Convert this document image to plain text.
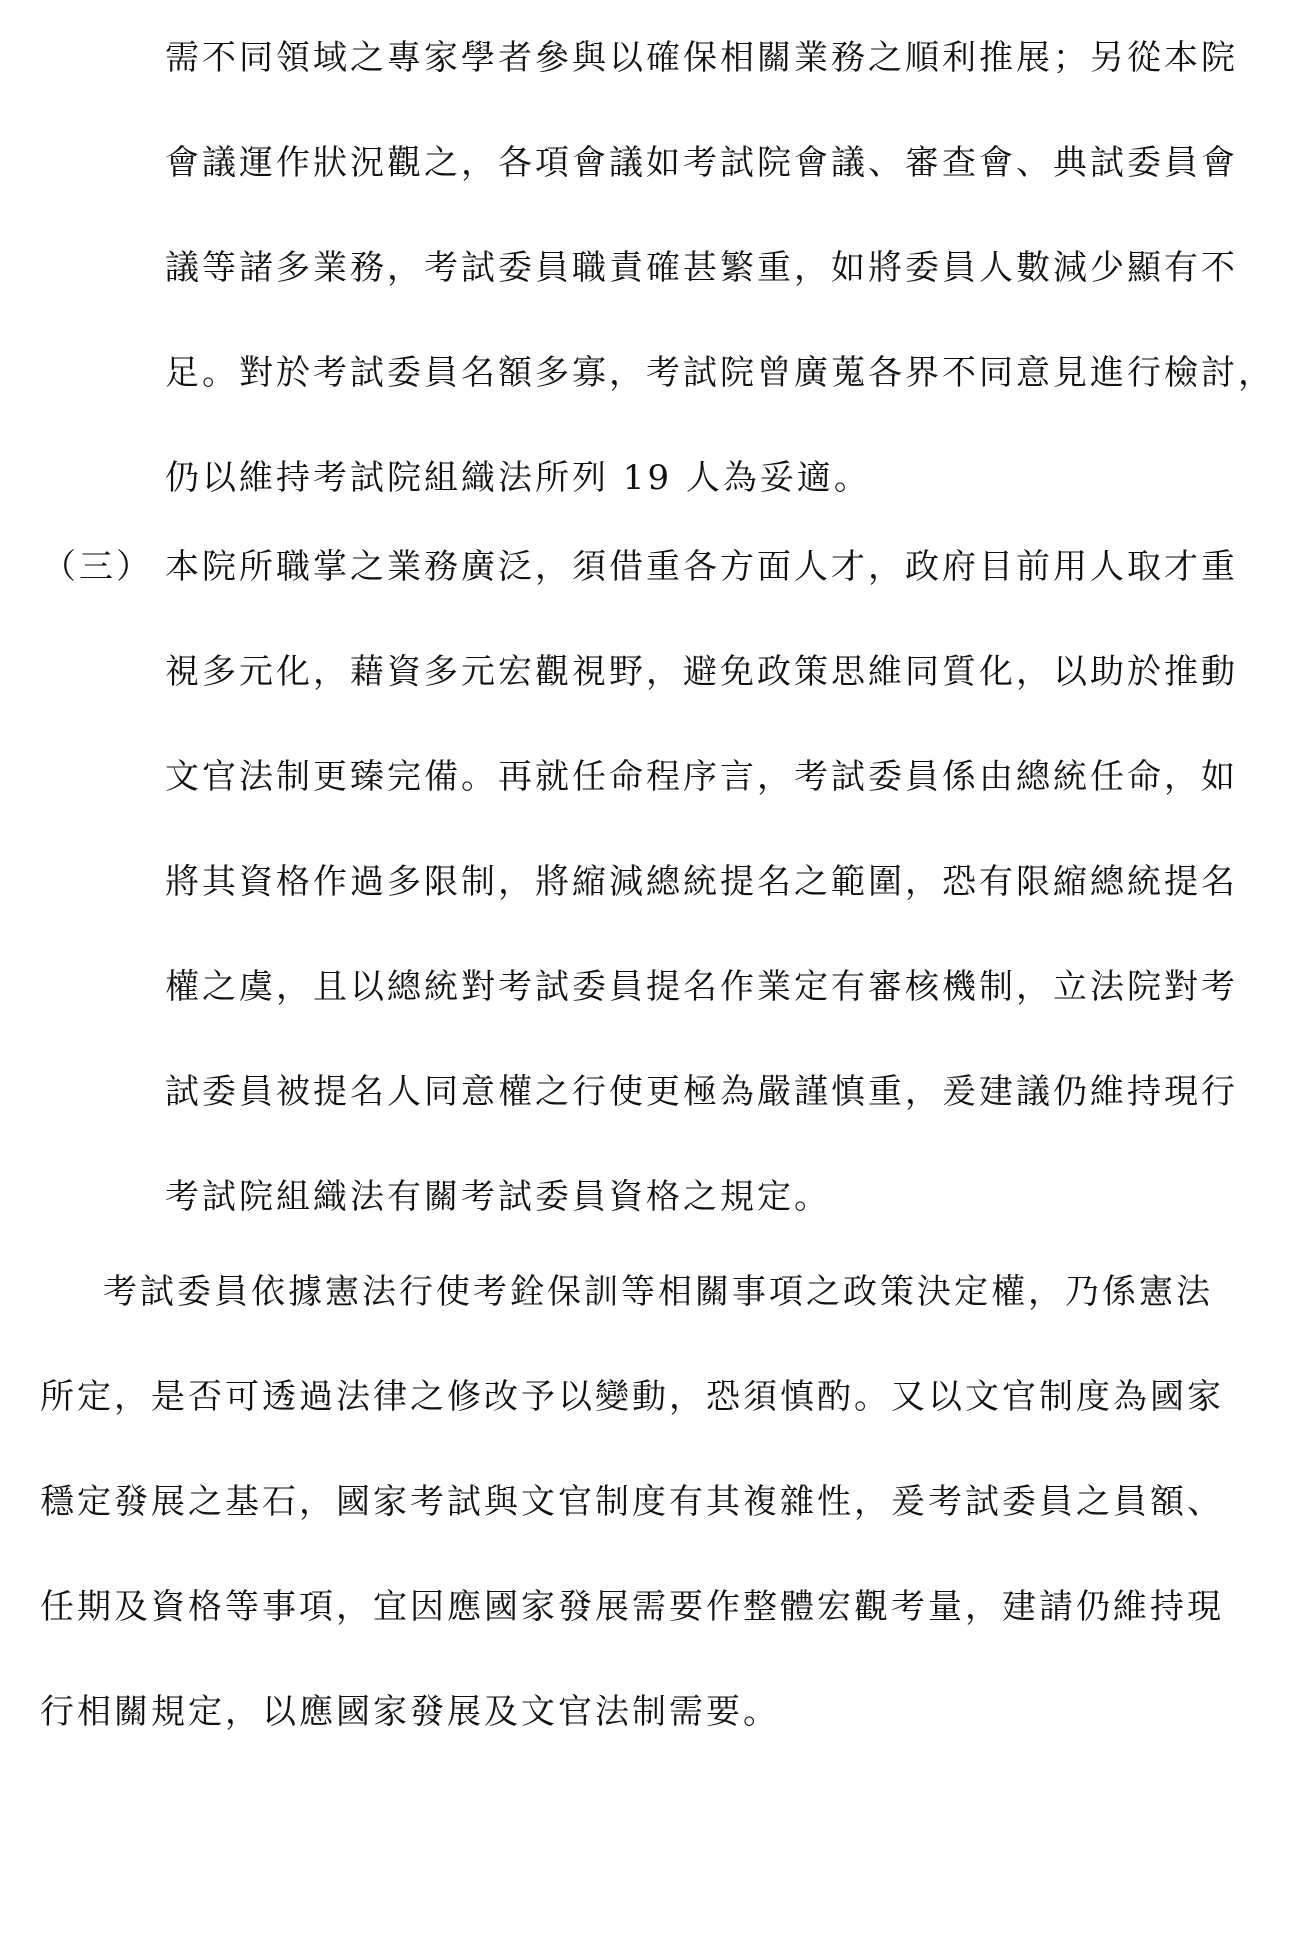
需不同領域之專家學者參與以確保相關業務之順利推展；另從本院

會議運作狀況觀之，各項會議如考試院會議、審查會、典試委員會

議等諸多業務，考試委員職責確甚繁重，如將委員人數減少顯有不

足。對於考試委員名額多寡，考試院曾廣蒐各界不同意見進行檢討，

仍以維持考試院組織法所列 19 人為妥適。

（三） 本院所職掌之業務廣泛，須借重各方面人才，政府目前用人取才重

視多元化，藉資多元宏觀視野，避免政策思維同質化，以助於推動

文官法制更臻完備。再就任命程序言，考試委員係由總統任命，如

將其資格作過多限制，將縮減總統提名之範圍，恐有限縮總統提名

權之虞，且以總統對考試委員提名作業定有審核機制，立法院對考

試委員被提名人同意權之行使更極為嚴謹慎重，爰建議仍維持現行

考試院組織法有關考試委員資格之規定。

考試委員依據憲法行使考銓保訓等相關事項之政策決定權，乃係憲法

所定，是否可透過法律之修改予以變動，恐須慎酌。又以文官制度為國家

穩定發展之基石，國家考試與文官制度有其複雜性，爰考試委員之員額、

任期及資格等事項，宜因應國家發展需要作整體宏觀考量，建請仍維持現

行相關規定，以應國家發展及文官法制需要。
